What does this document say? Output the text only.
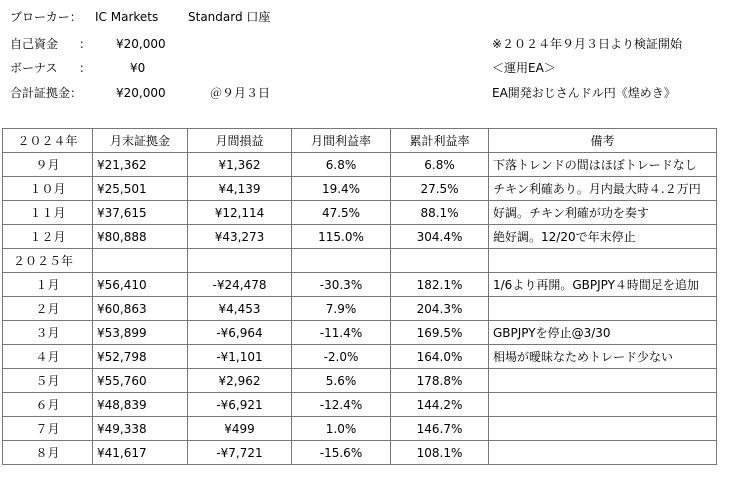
ブローカー： IC Markets Standard 口座
自己資金 ： ¥20,000
ボーナス ：	¥0
合計証拠金：	¥20,000	＠９月３日
※２０２４年９月３日より検証開始
＜運用EA＞
EA開発おじさんドル円《煌めき》
２０２４年	月末証拠金	月間損益	月間利益率	累計利益率	備考
９月	¥21,362	¥1,362	6.8%	6.8%	下落トレンドの間はほぼトレードなし
１０月	¥25,501	¥4,139	19.4%	27.5%	チキン利確あり。月内最大時４.２万円
１１月	¥37,615	¥12,114	47.5%	88.1%	好調。チキン利確が功を奏す
１２月	¥80,888	¥43,273	115.0%	304.4%	絶好調。12/20で年末停止
２０２５年					
１月	¥56,410	-¥24,478	-30.3%	182.1%	1/6より再開。GBPJPY４時間足を追加
２月	¥60,863	¥4,453	7.9%	204.3%	
３月	¥53,899	-¥6,964	-11.4%	169.5%	GBPJPYを停止@3/30
４月	¥52,798	-¥1,101	-2.0%	164.0%	相場が曖昧なためトレード少ない
５月	¥55,760	¥2,962	5.6%	178.8%	
６月	¥48,839	-¥6,921	-12.4%	144.2%	
７月	¥49,338	¥499	1.0%	146.7%	
８月	¥41,617	-¥7,721	-15.6%	108.1%	
